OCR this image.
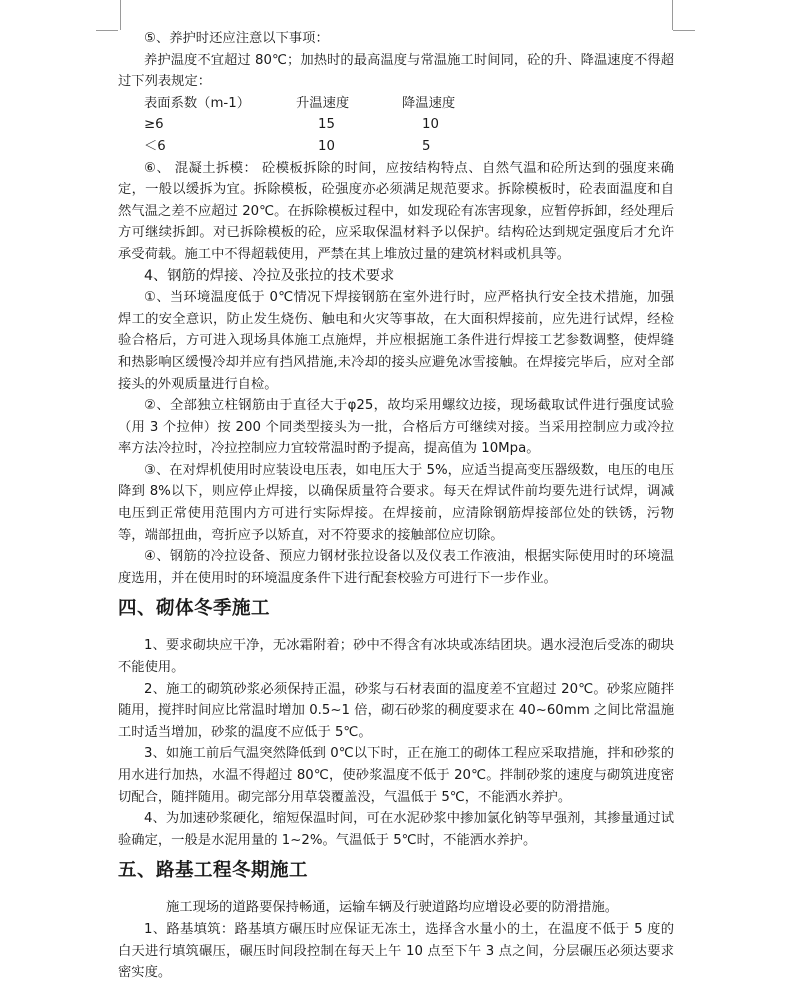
⑤、养护时还应注意以下事项：

养护温度不宜超过 80℃；加热时的最高温度与常温施工时间同，砼的升、降温速度不得超过下列表规定：

表面系数（m-1）	升温速度	降温速度
≥6	15	10
＜6	10	5

⑥、 混凝土拆模： 砼模板拆除的时间，应按结构特点、自然气温和砼所达到的强度来确定，一般以缓拆为宜。拆除模板，砼强度亦必须满足规范要求。拆除模板时，砼表面温度和自然气温之差不应超过 20℃。在拆除模板过程中，如发现砼有冻害现象，应暂停拆卸，经处理后方可继续拆卸。对已拆除模板的砼，应采取保温材料予以保护。结构砼达到规定强度后才允许承受荷载。施工中不得超载使用，严禁在其上堆放过量的建筑材料或机具等。

4、钢筋的焊接、冷拉及张拉的技术要求

①、当环境温度低于 0℃情况下焊接钢筋在室外进行时，应严格执行安全技术措施，加强焊工的安全意识，防止发生烧伤、触电和火灾等事故，在大面积焊接前，应先进行试焊，经检验合格后，方可进入现场具体施工点施焊，并应根据施工条件进行焊接工艺参数调整，使焊缝和热影响区缓慢冷却并应有挡风措施,未冷却的接头应避免冰雪接触。在焊接完毕后，应对全部接头的外观质量进行自检。

②、全部独立柱钢筋由于直径大于φ25，故均采用螺纹边接，现场截取试件进行强度试验（用 3 个拉伸）按 200 个同类型接头为一批，合格后方可继续对接。当采用控制应力或冷拉率方法冷拉时，冷拉控制应力宜较常温时酌予提高，提高值为 10Mpa。

③、在对焊机使用时应装设电压表，如电压大于 5%，应适当提高变压器级数，电压的电压降到 8%以下，则应停止焊接，以确保质量符合要求。每天在焊试件前均要先进行试焊，调减电压到正常使用范围内方可进行实际焊接。在焊接前，应清除钢筋焊接部位处的铁锈，污物等，端部扭曲，弯折应予以矫直，对不符要求的接触部位应切除。

④、钢筋的冷拉设备、预应力钢材张拉设备以及仪表工作液油，根据实际使用时的环境温度选用，并在使用时的环境温度条件下进行配套校验方可进行下一步作业。

四、砌体冬季施工

1、要求砌块应干净，无冰霜附着；砂中不得含有冰块或冻结团块。遇水浸泡后受冻的砌块不能使用。

2、施工的砌筑砂浆必须保持正温，砂浆与石材表面的温度差不宜超过 20℃。砂浆应随拌随用，搅拌时间应比常温时增加 0.5~1 倍，砌石砂浆的稠度要求在 40~60mm 之间比常温施工时适当增加，砂浆的温度不应低于 5℃。

3、如施工前后气温突然降低到 0℃以下时，正在施工的砌体工程应采取措施，拌和砂浆的用水进行加热，水温不得超过 80℃，使砂浆温度不低于 20℃。拌制砂浆的速度与砌筑进度密切配合，随拌随用。砌完部分用草袋覆盖没，气温低于 5℃，不能洒水养护。

4、为加速砂浆硬化，缩短保温时间，可在水泥砂浆中掺加氯化钠等早强剂，其掺量通过试验确定，一般是水泥用量的 1~2%。气温低于 5℃时，不能洒水养护。

五、路基工程冬期施工

施工现场的道路要保持畅通，运输车辆及行驶道路均应增设必要的防滑措施。

1、路基填筑：路基填方碾压时应保证无冻土，选择含水量小的土，在温度不低于 5 度的白天进行填筑碾压，碾压时间段控制在每天上午 10 点至下午 3 点之间，分层碾压必须达要求密实度。
